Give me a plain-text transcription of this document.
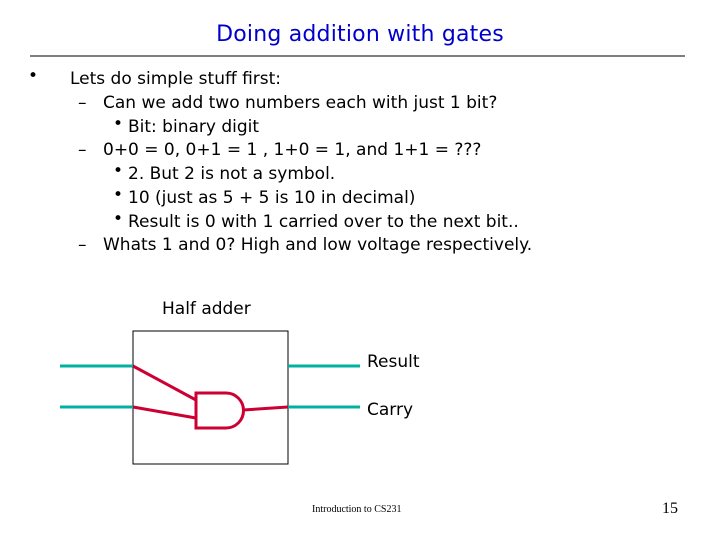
Doing addition with gates
• Lets do simple stuff first:
– Can we add two numbers each with just 1 bit?
• Bit: binary digit
– 0+0 = 0, 0+1 = 1 , 1+0 = 1, and 1+1 = ???
• 2. But 2 is not a symbol.
• 10 (just as 5 + 5 is 10 in decimal)
• Result is 0 with 1 carried over to the next bit..
– Whats 1 and 0? High and low voltage respectively.
Half adder
Result
Carry
Introduction to CS231	15
